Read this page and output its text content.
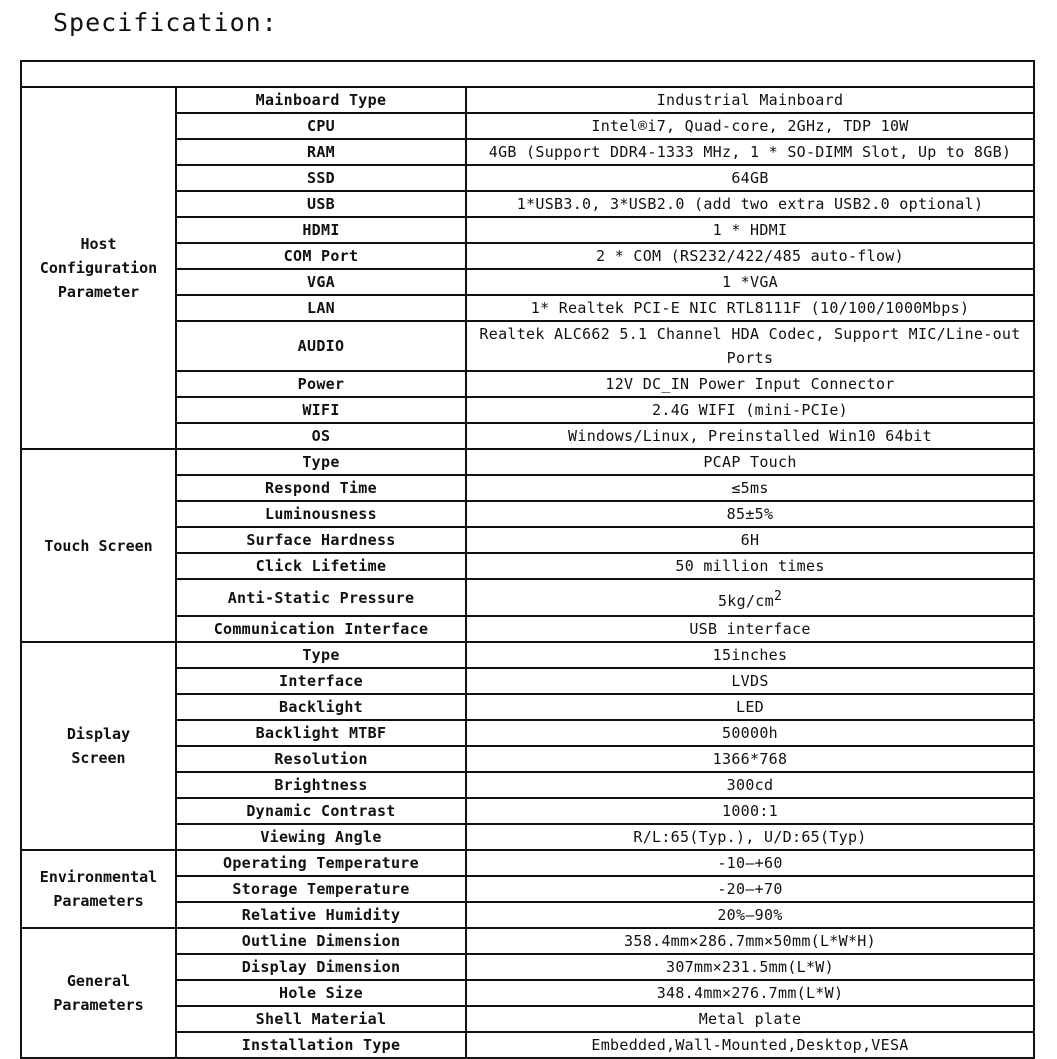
Specification:

Host
Configuration
Parameter	Mainboard Type	Industrial Mainboard
	CPU	Intel®i7, Quad-core, 2GHz, TDP 10W
	RAM	4GB (Support DDR4-1333 MHz, 1 * SO-DIMM Slot, Up to 8GB)
	SSD	64GB
	USB	1*USB3.0, 3*USB2.0 (add two extra USB2.0 optional)
	HDMI	1 * HDMI
	COM Port	2 * COM (RS232/422/485 auto-flow)
	VGA	1 *VGA
	LAN	1* Realtek PCI-E NIC RTL8111F (10/100/1000Mbps)
	AUDIO	Realtek ALC662 5.1 Channel HDA Codec, Support MIC/Line-out Ports
	Power	12V DC_IN Power Input Connector
	WIFI	2.4G WIFI (mini-PCIe)
	OS	Windows/Linux, Preinstalled Win10 64bit
Touch Screen	Type	PCAP Touch
	Respond Time	≤5ms
	Luminousness	85±5%
	Surface Hardness	6H
	Click Lifetime	50 million times
	Anti-Static Pressure	$5kg/cm^2$
	Communication Interface	USB interface
Display
Screen	Type	15inches
	Interface	LVDS
	Backlight	LED
	Backlight MTBF	50000h
	Resolution	1366*768
	Brightness	300cd
	Dynamic Contrast	1000:1
	Viewing Angle	R/L:65(Typ.), U/D:65(Typ)
Environmental
Parameters	Operating Temperature	-10—+60
	Storage Temperature	-20—+70
	Relative Humidity	20%—90%
General
Parameters	Outline Dimension	358.4mm×286.7mm×50mm(L*W*H)
	Display Dimension	307mm×231.5mm(L*W)
	Hole Size	348.4mm×276.7mm(L*W)
	Shell Material	Metal plate
	Installation Type	Embedded,Wall-Mounted,Desktop,VESA
